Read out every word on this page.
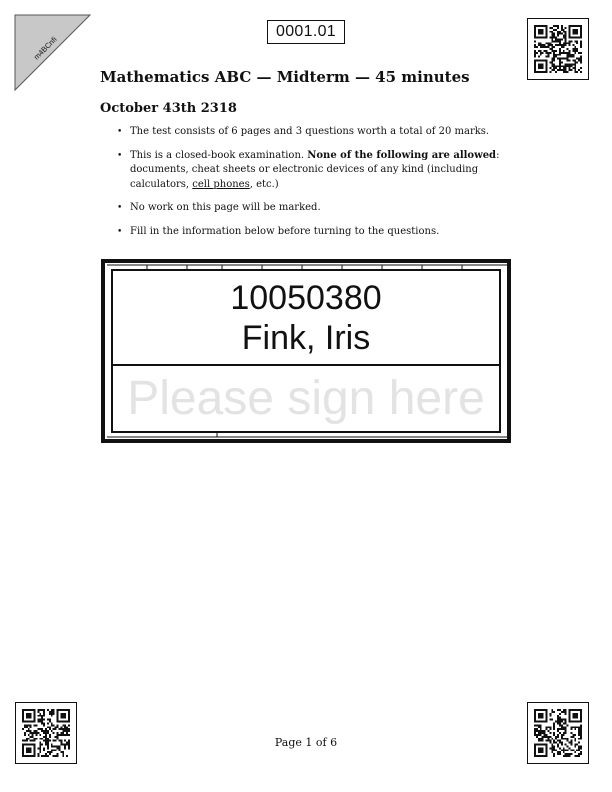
m4BCnfi
0001.01
Mathematics ABC — Midterm — 45 minutes
October 43th 2318
• The test consists of 6 pages and 3 questions worth a total of 20 marks.
• This is a closed-book examination. None of the following are allowed: documents, cheat sheets or electronic devices of any kind (including calculators, cell phones, etc.)
• No work on this page will be marked.
• Fill in the information below before turning to the questions.
10050380
Fink, Iris
Please sign here
Page 1 of 6
